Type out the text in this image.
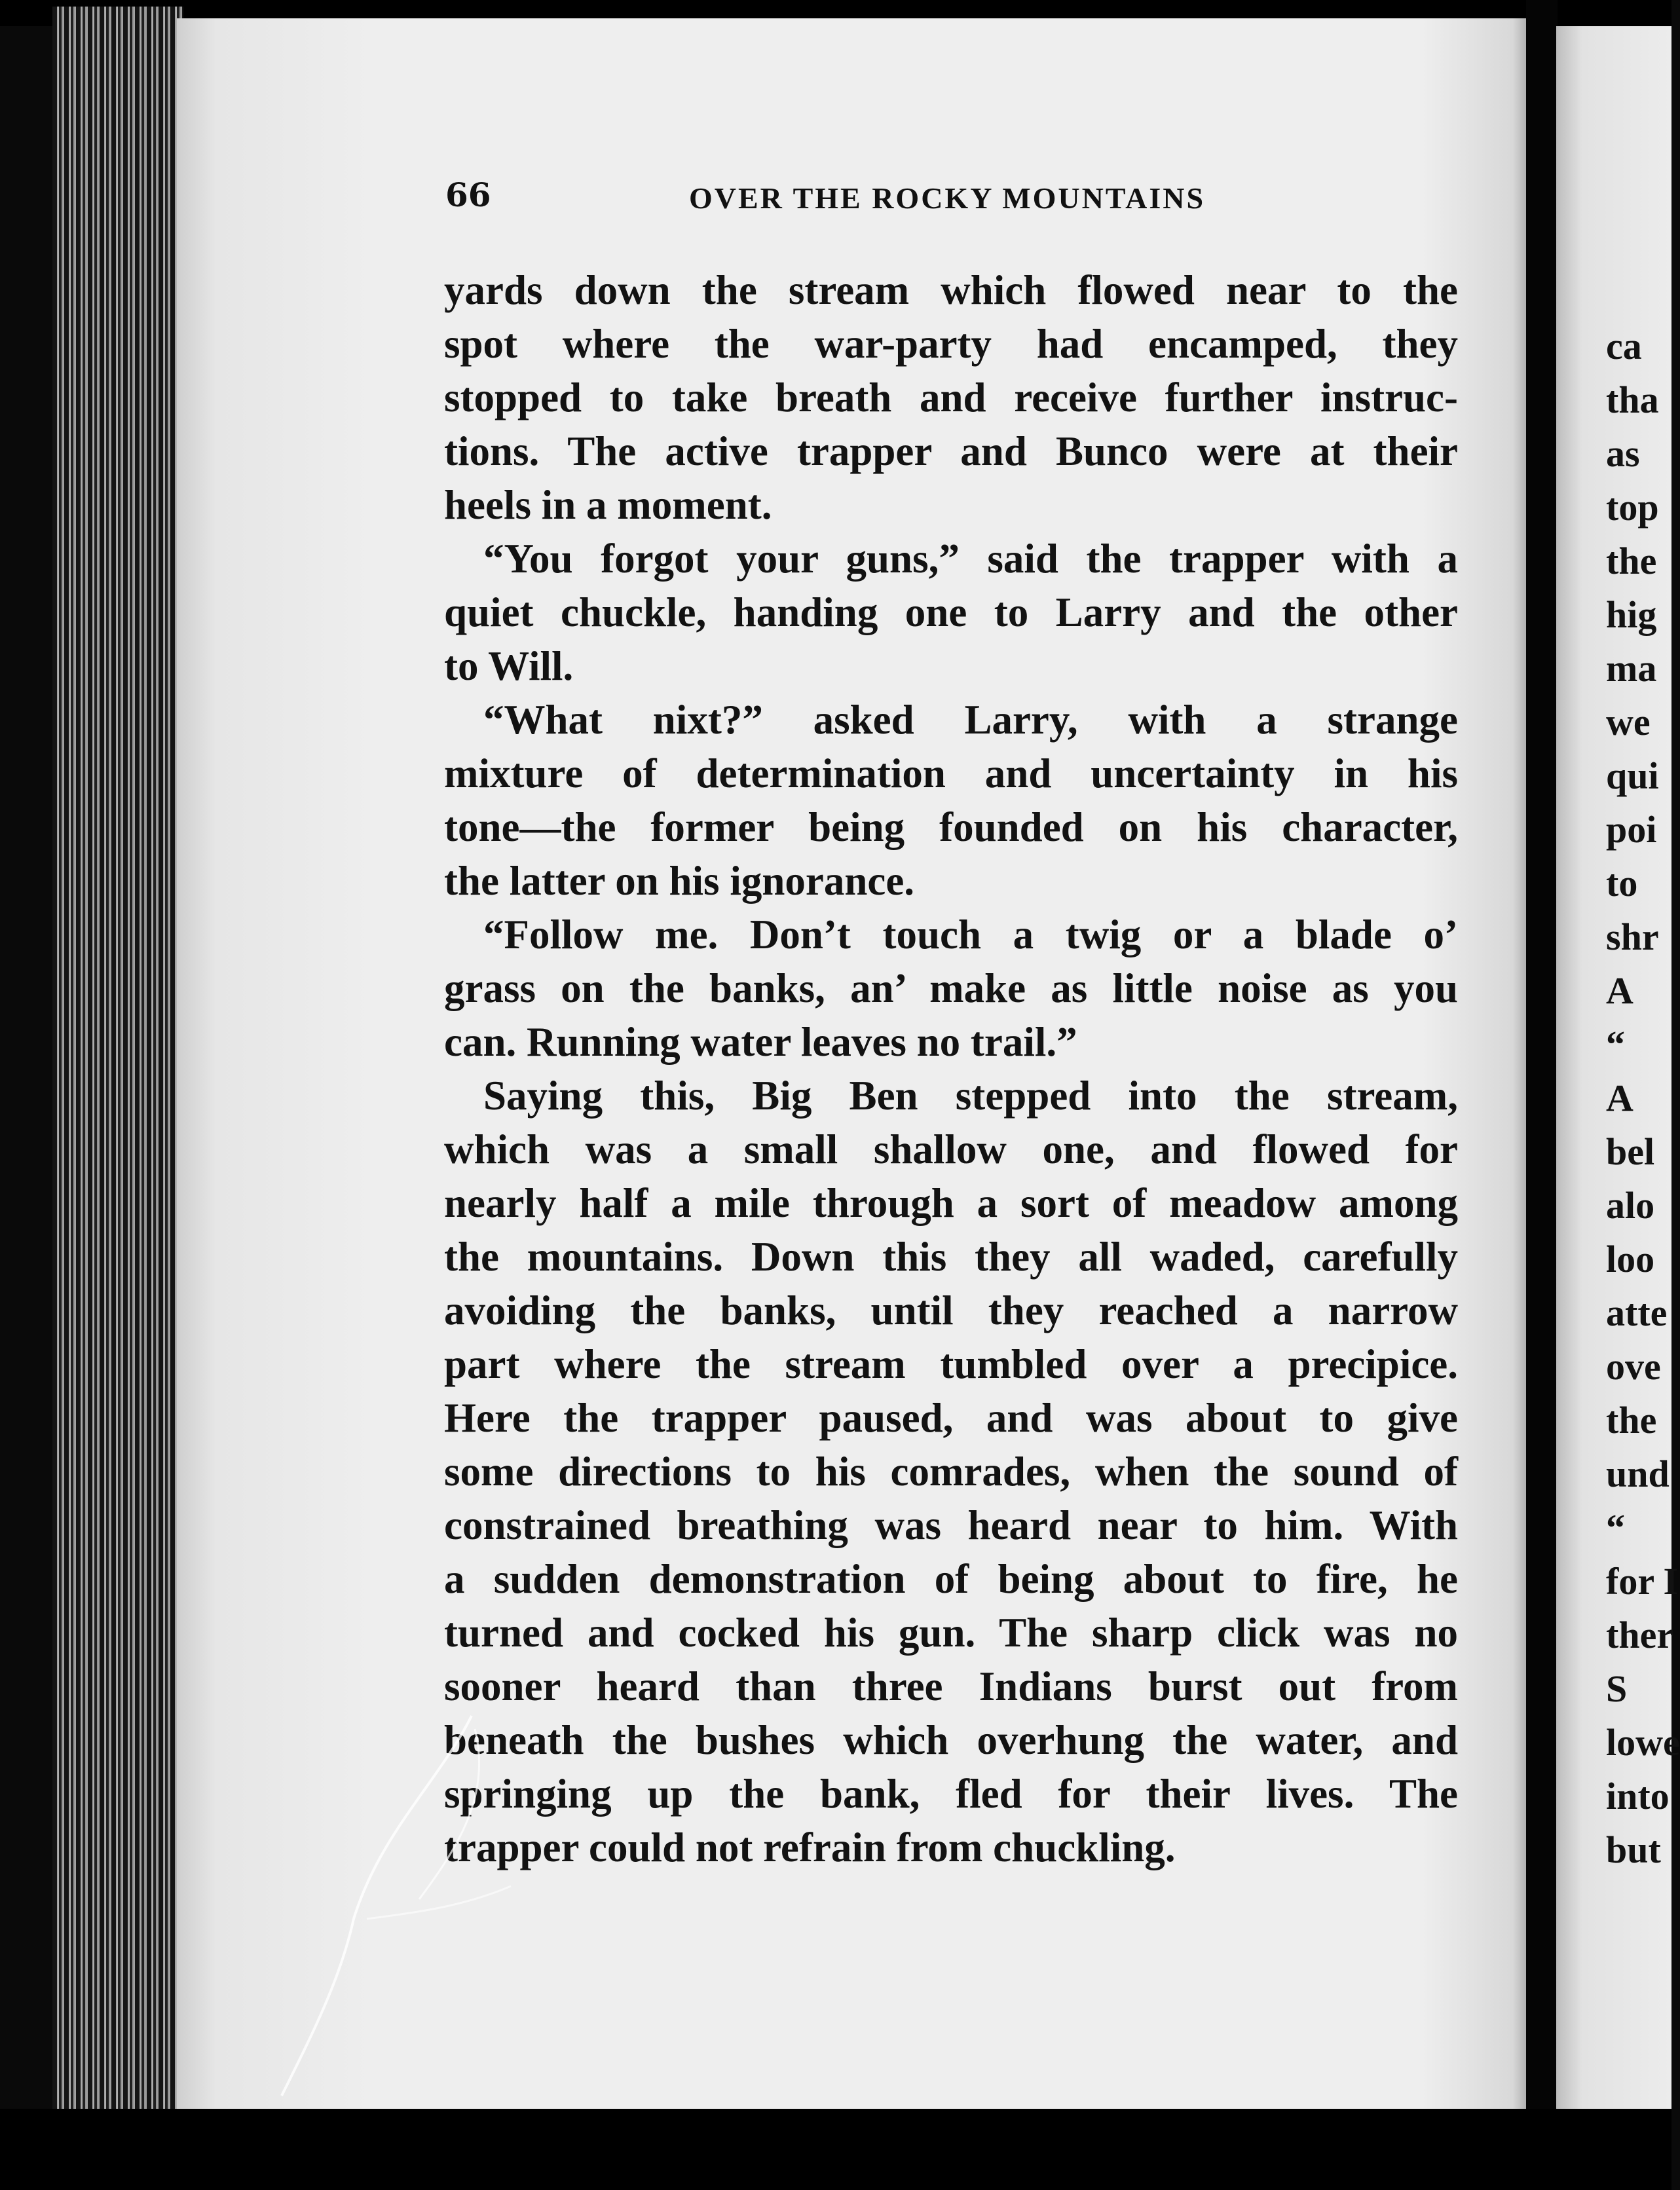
66	OVER THE ROCKY MOUNTAINS
yards down the stream which flowed near to the
spot where the war-party had encamped, they
stopped to take breath and receive further instruc-
tions. The active trapper and Bunco were at their
heels in a moment.
“You forgot your guns,” said the trapper with a
quiet chuckle, handing one to Larry and the other
to Will.
“What nixt?” asked Larry, with a strange
mixture of determination and uncertainty in his
tone—the former being founded on his character,
the latter on his ignorance.
“Follow me. Don’t touch a twig or a blade o’
grass on the banks, an’ make as little noise as you
can. Running water leaves no trail.”
Saying this, Big Ben stepped into the stream,
which was a small shallow one, and flowed for
nearly half a mile through a sort of meadow among
the mountains. Down this they all waded, carefully
avoiding the banks, until they reached a narrow
part where the stream tumbled over a precipice.
Here the trapper paused, and was about to give
some directions to his comrades, when the sound of
constrained breathing was heard near to him. With
a sudden demonstration of being about to fire, he
turned and cocked his gun. The sharp click was no
sooner heard than three Indians burst out from
beneath the bushes which overhung the water, and
springing up the bank, fled for their lives. The
trapper could not refrain from chuckling.
ca
tha
as
top
the
hig
ma
we
qui
poi
to
shr
A
“
A
bel
alo
loo
atte
ove
the
und
“
for I
ther
S
lowe
into
but
